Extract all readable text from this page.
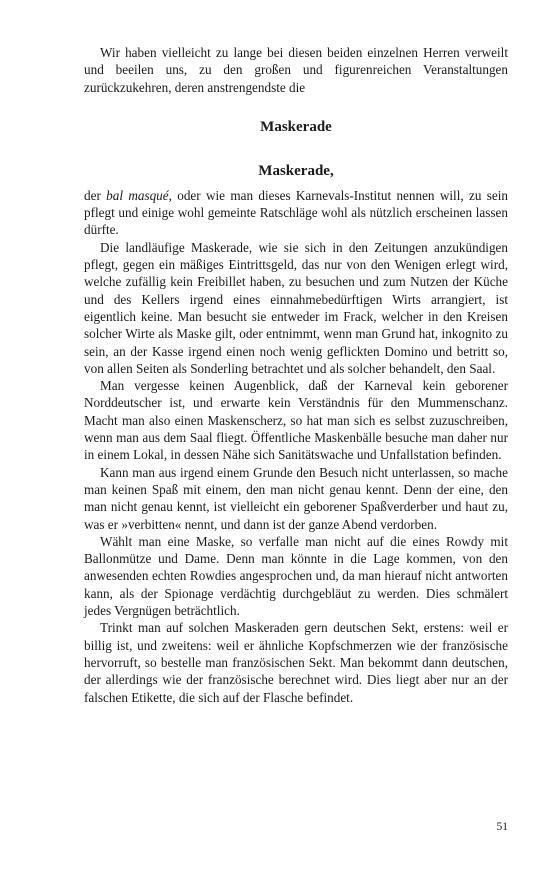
Wir haben vielleicht zu lange bei diesen beiden einzelnen Herren verweilt und beeilen uns, zu den großen und figurenreichen Veranstaltungen zurückzukehren, deren anstrengendste die

Maskerade
Maskerade,

der bal masqué, oder wie man dieses Karnevals-Institut nennen will, zu sein pflegt und einige wohl gemeinte Ratschläge wohl als nützlich erscheinen lassen dürfte.

Die landläufige Maskerade, wie sie sich in den Zeitungen anzukündigen pflegt, gegen ein mäßiges Eintrittsgeld, das nur von den Wenigen erlegt wird, welche zufällig kein Freibillet haben, zu besuchen und zum Nutzen der Küche und des Kellers irgend eines einnahmebedürftigen Wirts arrangiert, ist eigentlich keine. Man besucht sie entweder im Frack, welcher in den Kreisen solcher Wirte als Maske gilt, oder entnimmt, wenn man Grund hat, inkognito zu sein, an der Kasse irgend einen noch wenig geflickten Domino und betritt so, von allen Seiten als Sonderling betrachtet und als solcher behandelt, den Saal.

Man vergesse keinen Augenblick, daß der Karneval kein geborener Norddeutscher ist, und erwarte kein Verständnis für den Mummenschanz. Macht man also einen Maskenscherz, so hat man sich es selbst zuzuschreiben, wenn man aus dem Saal fliegt. Öffentliche Maskenbälle besuche man daher nur in einem Lokal, in dessen Nähe sich Sanitätswache und Unfallstation befinden.

Kann man aus irgend einem Grunde den Besuch nicht unterlassen, so mache man keinen Spaß mit einem, den man nicht genau kennt. Denn der eine, den man nicht genau kennt, ist vielleicht ein geborener Spaßverderber und haut zu, was er »verbitten« nennt, und dann ist der ganze Abend verdorben.

Wählt man eine Maske, so verfalle man nicht auf die eines Rowdy mit Ballonmütze und Dame. Denn man könnte in die Lage kommen, von den anwesenden echten Rowdies angesprochen und, da man hierauf nicht antworten kann, als der Spionage verdächtig durchgebläut zu werden. Dies schmälert jedes Vergnügen beträchtlich.

Trinkt man auf solchen Maskeraden gern deutschen Sekt, erstens: weil er billig ist, und zweitens: weil er ähnliche Kopfschmerzen wie der französische hervorruft, so bestelle man französischen Sekt. Man bekommt dann deutschen, der allerdings wie der französische berechnet wird. Dies liegt aber nur an der falschen Etikette, die sich auf der Flasche befindet.

51
